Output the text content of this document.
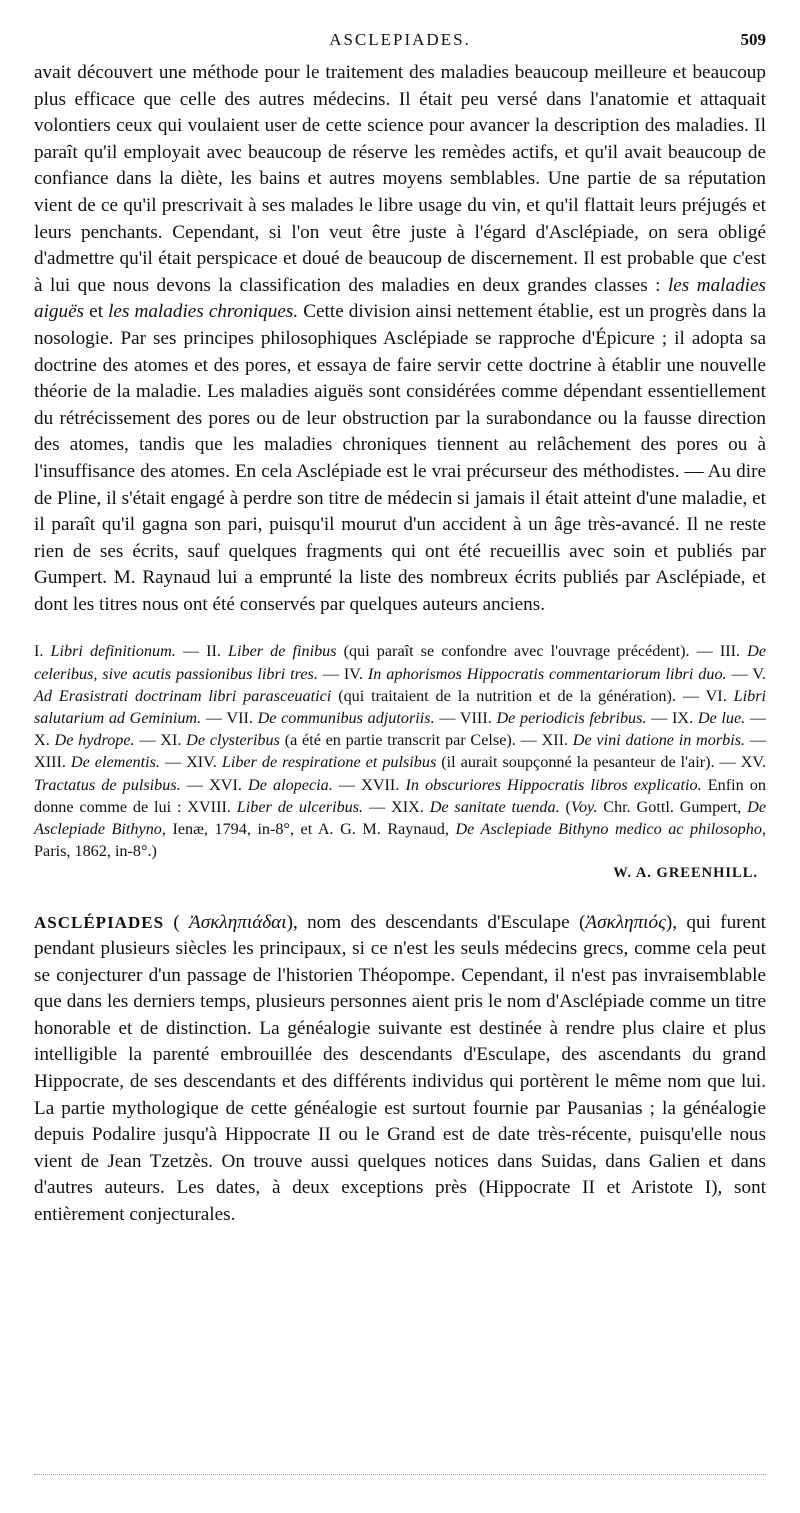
ASCLEPIADES.	509

avait découvert une méthode pour le traitement des maladies beaucoup meilleure et beaucoup plus efficace que celle des autres médecins. Il était peu versé dans l'anatomie et attaquait volontiers ceux qui voulaient user de cette science pour avancer la description des maladies. Il paraît qu'il employait avec beaucoup de réserve les remèdes actifs, et qu'il avait beaucoup de confiance dans la diète, les bains et autres moyens semblables. Une partie de sa réputation vient de ce qu'il prescrivait à ses malades le libre usage du vin, et qu'il flattait leurs préjugés et leurs penchants. Cependant, si l'on veut être juste à l'égard d'Asclépiade, on sera obligé d'admettre qu'il était perspicace et doué de beaucoup de discernement. Il est probable que c'est à lui que nous devons la classification des maladies en deux grandes classes : les maladies aiguës et les maladies chroniques. Cette division ainsi nettement établie, est un progrès dans la nosologie. Par ses principes philosophiques Asclépiade se rapproche d'Épicure ; il adopta sa doctrine des atomes et des pores, et essaya de faire servir cette doctrine à établir une nouvelle théorie de la maladie. Les maladies aiguës sont considérées comme dépendant essentiellement du rétrécissement des pores ou de leur obstruction par la surabondance ou la fausse direction des atomes, tandis que les maladies chroniques tiennent au relâchement des pores ou à l'insuffisance des atomes. En cela Asclépiade est le vrai précurseur des méthodistes. — Au dire de Pline, il s'était engagé à perdre son titre de médecin si jamais il était atteint d'une maladie, et il paraît qu'il gagna son pari, puisqu'il mourut d'un accident à un âge très-avancé. Il ne reste rien de ses écrits, sauf quelques fragments qui ont été recueillis avec soin et publiés par Gumpert. M. Raynaud lui a emprunté la liste des nombreux écrits publiés par Asclépiade, et dont les titres nous ont été conservés par quelques auteurs anciens.

I. Libri definitionum. — II. Liber de finibus (qui paraît se confondre avec l'ouvrage précédent). — III. De celeribus, sive acutis passionibus libri tres. — IV. In aphorismos Hippocratis commentariorum libri duo. — V. Ad Erasistrati doctrinam libri parasceuatici (qui traitaient de la nutrition et de la génération). — VI. Libri salutarium ad Geminium. — VII. De communibus adjutoriis. — VIII. De periodicis febribus. — IX. De lue. — X. De hydrope. — XI. De clysteribus (a été en partie transcrit par Celse). — XII. De vini datione in morbis. — XIII. De elementis. — XIV. Liber de respiratione et pulsibus (il aurait soupçonné la pesanteur de l'air). — XV. Tractatus de pulsibus. — XVI. De alopecia. — XVII. In obscuriores Hippocratis libros explicatio. Enfin on donne comme de lui : XVIII. Liber de ulceribus. — XIX. De sanitate tuenda. (Voy. Chr. Gottl. Gumpert, De Asclepiade Bithyno, Ienæ, 1794, in-8°, et A. G. M. Raynaud, De Asclepiade Bithyno medico ac philosopho, Paris, 1862, in-8°.)

W. A. GREENHILL.

ASCLÉPIADES ( Ἀσκληπιάδαι), nom des descendants d'Esculape (Ἀσκληπιός), qui furent pendant plusieurs siècles les principaux, si ce n'est les seuls médecins grecs, comme cela peut se conjecturer d'un passage de l'historien Théopompe. Cependant, il n'est pas invraisemblable que dans les derniers temps, plusieurs personnes aient pris le nom d'Asclépiade comme un titre honorable et de distinction. La généalogie suivante est destinée à rendre plus claire et plus intelligible la parenté embrouillée des descendants d'Esculape, des ascendants du grand Hippocrate, de ses descendants et des différents individus qui portèrent le même nom que lui. La partie mythologique de cette généalogie est surtout fournie par Pausanias ; la généalogie depuis Podalire jusqu'à Hippocrate II ou le Grand est de date très-récente, puisqu'elle nous vient de Jean Tzetzès. On trouve aussi quelques notices dans Suidas, dans Galien et dans d'autres auteurs. Les dates, à deux exceptions près (Hippocrate II et Aristote I), sont entièrement conjecturales.
